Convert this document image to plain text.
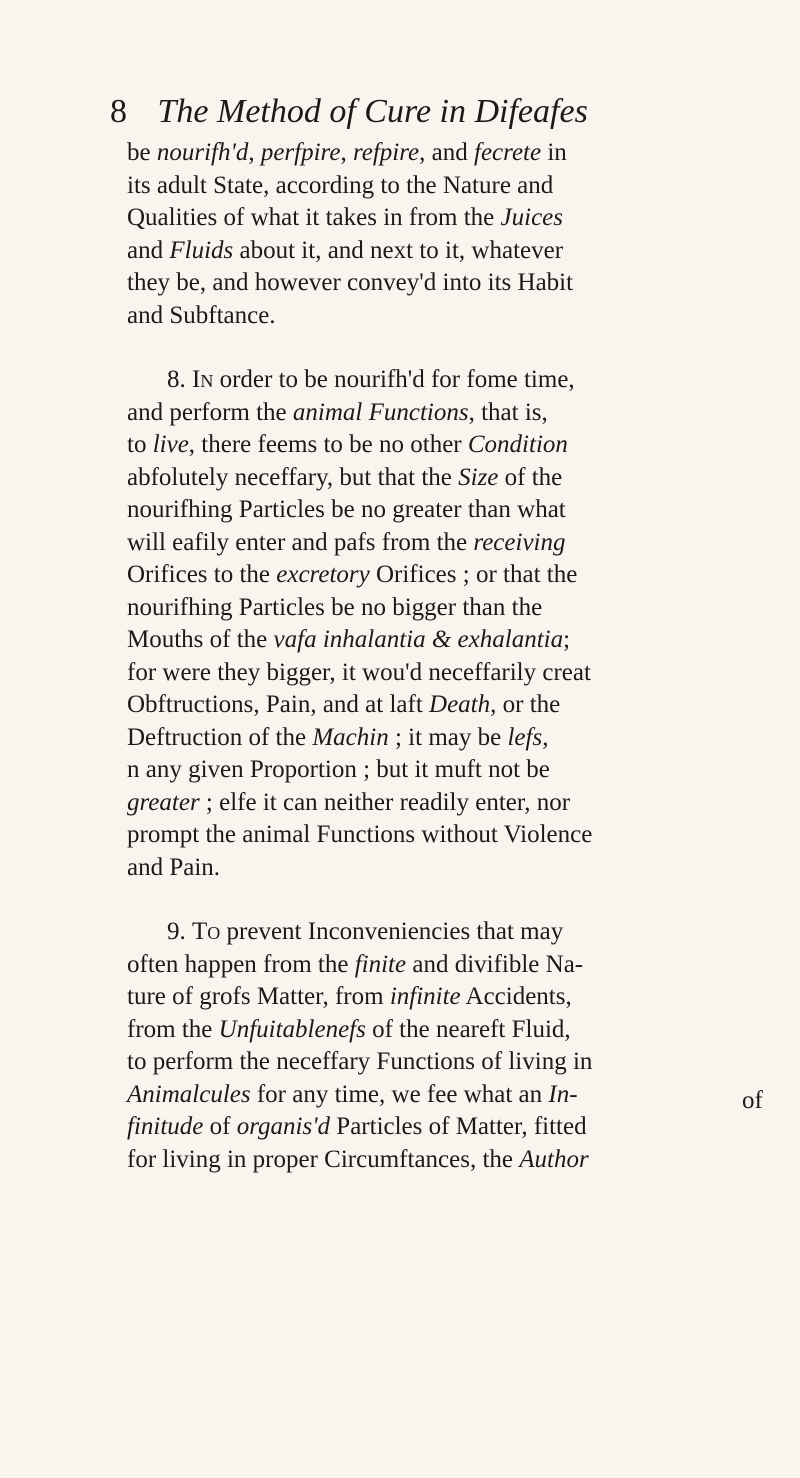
8 The Method of Cure in Difeafes

be nourifh'd, perfpire, refpire, and fecrete in
its adult State, according to the Nature and
Qualities of what it takes in from the Juices
and Fluids about it, and next to it, whatever
they be, and however convey'd into its Habit
and Subftance.

8. In order to be nourifh'd for fome time,
and perform the animal Functions, that is,
to live, there feems to be no other Condition
abfolutely neceffary, but that the Size of the
nourifhing Particles be no greater than what
will eafily enter and pafs from the receiving
Orifices to the excretory Orifices ; or that the
nourifhing Particles be no bigger than the
Mouths of the vafa inhalantia & exhalantia;
for were they bigger, it wou'd neceffarily creat
Obftructions, Pain, and at laft Death, or the
Deftruction of the Machin ; it may be lefs,
n any given Proportion ; but it muft not be
greater ; elfe it can neither readily enter, nor
prompt the animal Functions without Violence
and Pain.

9. To prevent Inconveniencies that may
often happen from the finite and divifible Na-
ture of grofs Matter, from infinite Accidents,
from the Unfuitablenefs of the neareft Fluid,
to perform the neceffary Functions of living in
Animalcules for any time, we fee what an In-
finitude of organis'd Particles of Matter, fitted
for living in proper Circumftances, the Author

of
